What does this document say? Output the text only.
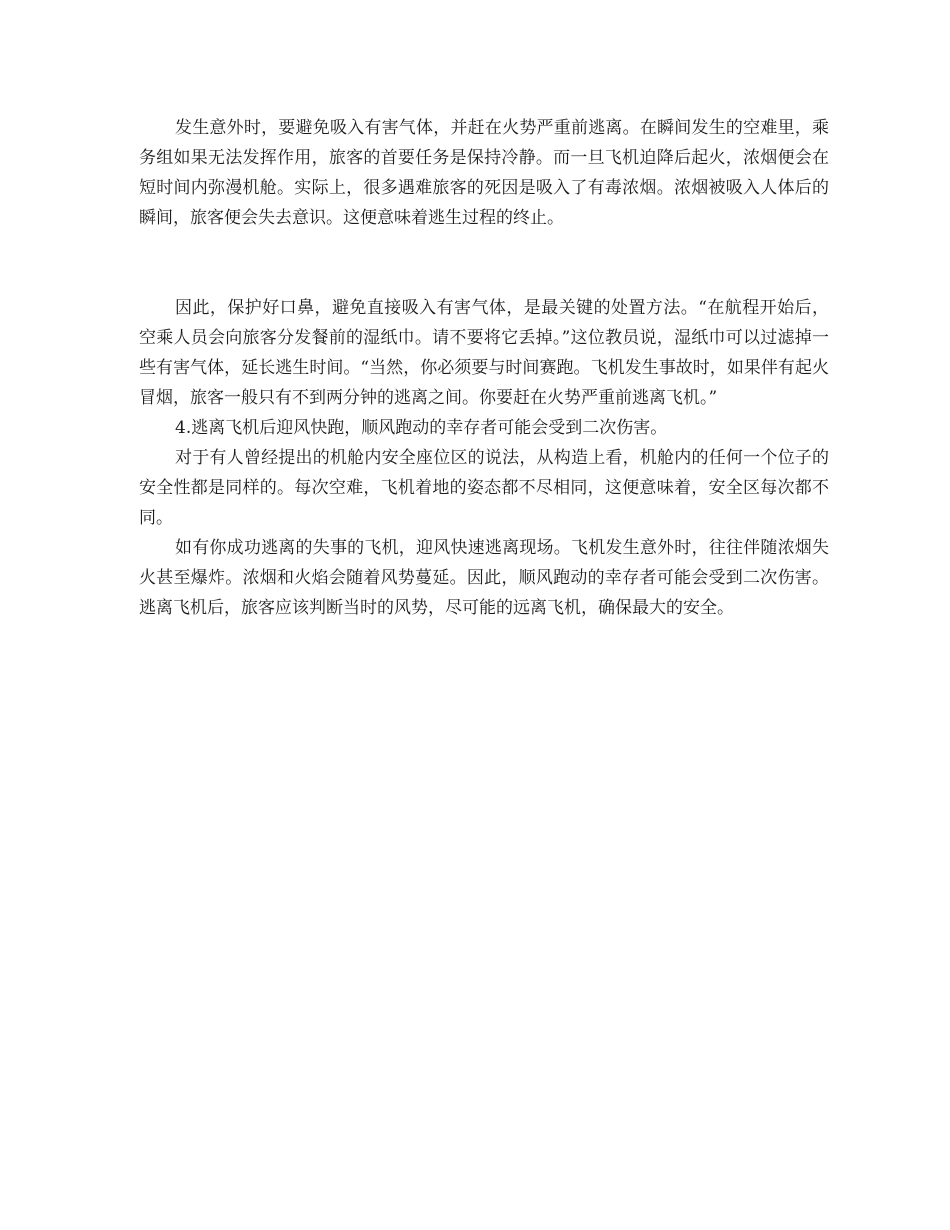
发生意外时，要避免吸入有害气体，并赶在火势严重前逃离。在瞬间发生的空难里，乘务组如果无法发挥作用，旅客的首要任务是保持冷静。而一旦飞机迫降后起火，浓烟便会在短时间内弥漫机舱。实际上，很多遇难旅客的死因是吸入了有毒浓烟。浓烟被吸入人体后的瞬间，旅客便会失去意识。这便意味着逃生过程的终止。

因此，保护好口鼻，避免直接吸入有害气体，是最关键的处置方法。“在航程开始后，空乘人员会向旅客分发餐前的湿纸巾。请不要将它丢掉。”这位教员说，湿纸巾可以过滤掉一些有害气体，延长逃生时间。“当然，你必须要与时间赛跑。飞机发生事故时，如果伴有起火冒烟，旅客一般只有不到两分钟的逃离之间。你要赶在火势严重前逃离飞机。”

4.逃离飞机后迎风快跑，顺风跑动的幸存者可能会受到二次伤害。

对于有人曾经提出的机舱内安全座位区的说法，从构造上看，机舱内的任何一个位子的安全性都是同样的。每次空难，飞机着地的姿态都不尽相同，这便意味着，安全区每次都不同。

如有你成功逃离的失事的飞机，迎风快速逃离现场。飞机发生意外时，往往伴随浓烟失火甚至爆炸。浓烟和火焰会随着风势蔓延。因此，顺风跑动的幸存者可能会受到二次伤害。逃离飞机后，旅客应该判断当时的风势，尽可能的远离飞机，确保最大的安全。
